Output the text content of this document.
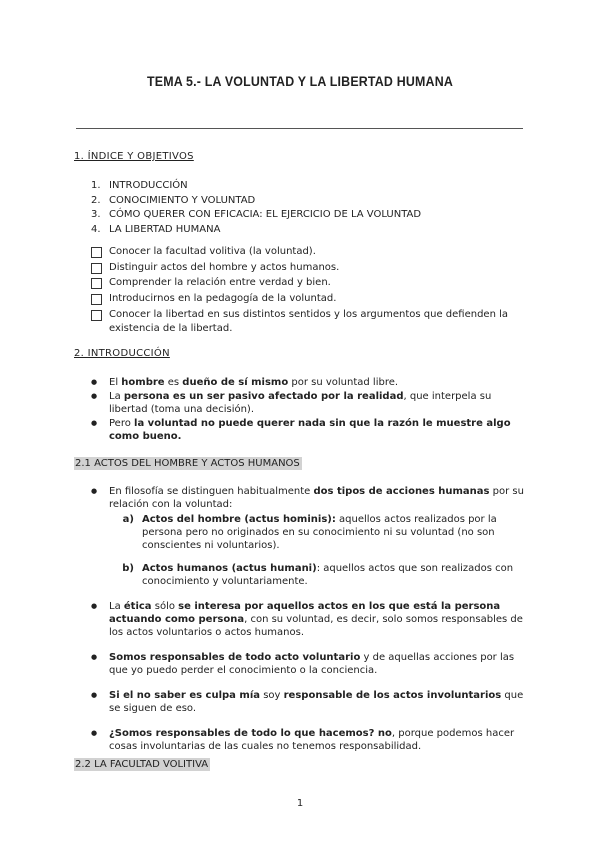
TEMA 5.- LA VOLUNTAD Y LA LIBERTAD HUMANA
1. ÍNDICE Y OBJETIVOS
1. INTRODUCCIÓN
2. CONOCIMIENTO Y VOLUNTAD
3. CÓMO QUERER CON EFICACIA: EL EJERCICIO DE LA VOLUNTAD
4. LA LIBERTAD HUMANA
Conocer la facultad volitiva (la voluntad).
Distinguir actos del hombre y actos humanos.
Comprender la relación entre verdad y bien.
Introducirnos en la pedagogía de la voluntad.
Conocer la libertad en sus distintos sentidos y los argumentos que defienden la existencia de la libertad.
2. INTRODUCCIÓN
● El hombre es dueño de sí mismo por su voluntad libre.
● La persona es un ser pasivo afectado por la realidad, que interpela su libertad (toma una decisión).
● Pero la voluntad no puede querer nada sin que la razón le muestre algo como bueno.
2.1 ACTOS DEL HOMBRE Y ACTOS HUMANOS
● En filosofía se distinguen habitualmente dos tipos de acciones humanas por su relación con la voluntad:
a) Actos del hombre (actus hominis): aquellos actos realizados por la persona pero no originados en su conocimiento ni su voluntad (no son conscientes ni voluntarios).
b) Actos humanos (actus humani): aquellos actos que son realizados con conocimiento y voluntariamente.
● La ética sólo se interesa por aquellos actos en los que está la persona actuando como persona, con su voluntad, es decir, solo somos responsables de los actos voluntarios o actos humanos.
● Somos responsables de todo acto voluntario y de aquellas acciones por las que yo puedo perder el conocimiento o la conciencia.
● Si el no saber es culpa mía soy responsable de los actos involuntarios que se siguen de eso.
● ¿Somos responsables de todo lo que hacemos? no, porque podemos hacer cosas involuntarias de las cuales no tenemos responsabilidad.
2.2 LA FACULTAD VOLITIVA
1
